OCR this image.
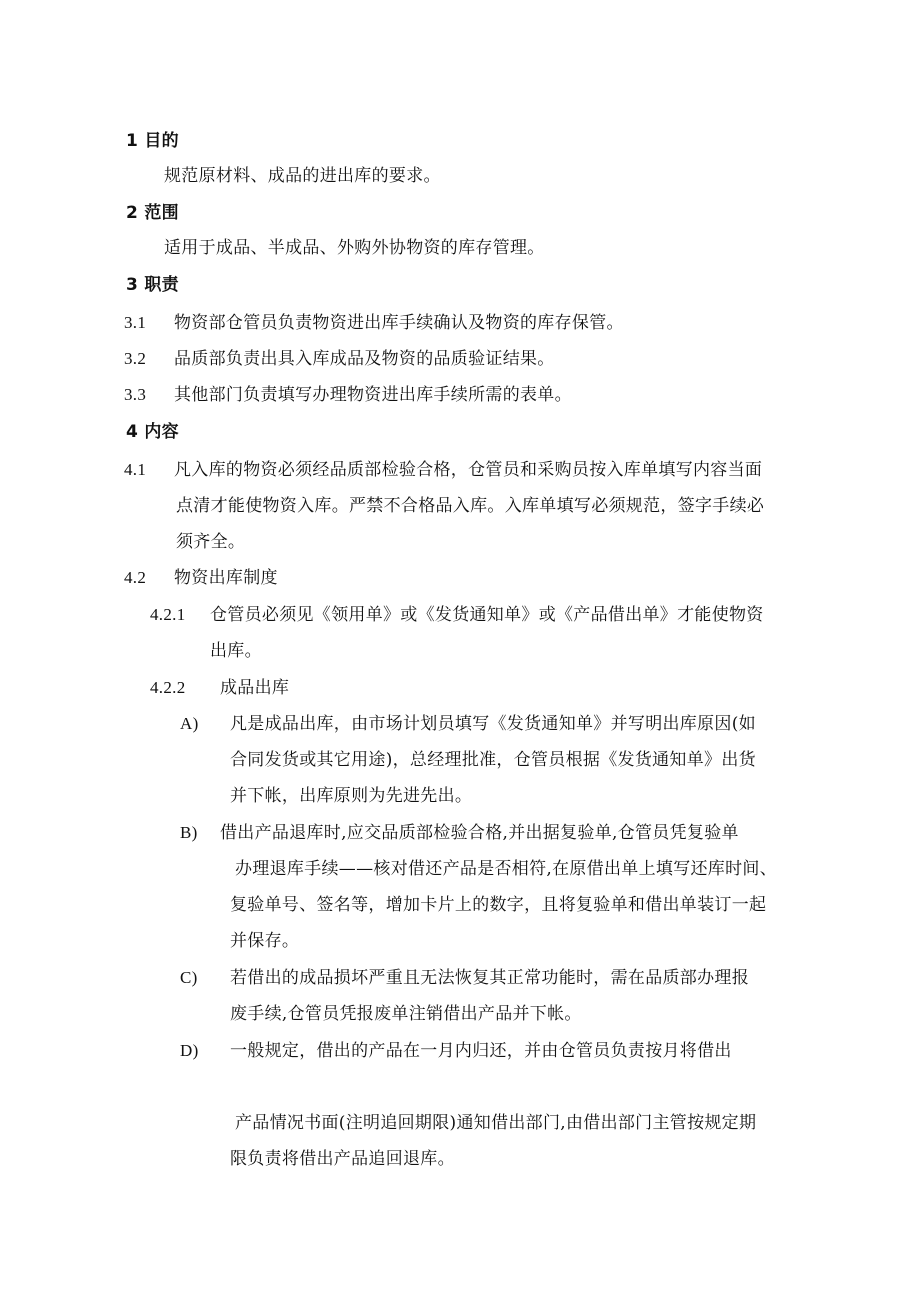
1 目的
规范原材料、成品的进出库的要求。
2 范围
适用于成品、半成品、外购外协物资的库存管理。
3 职责
3.1 物资部仓管员负责物资进出库手续确认及物资的库存保管。
3.2 品质部负责出具入库成品及物资的品质验证结果。
3.3 其他部门负责填写办理物资进出库手续所需的表单。
4 内容
4.1 凡入库的物资必须经品质部检验合格，仓管员和采购员按入库单填写内容当面
点清才能使物资入库。严禁不合格品入库。入库单填写必须规范，签字手续必
须齐全。
4.2 物资出库制度
4.2.1 仓管员必须见《领用单》或《发货通知单》或《产品借出单》才能使物资
出库。
4.2.2 成品出库
A) 凡是成品出库，由市场计划员填写《发货通知单》并写明出库原因(如
合同发货或其它用途)，总经理批准，仓管员根据《发货通知单》出货
并下帐，出库原则为先进先出。
B) 借出产品退库时,应交品质部检验合格,并出据复验单,仓管员凭复验单
办理退库手续——核对借还产品是否相符,在原借出单上填写还库时间、
复验单号、签名等，增加卡片上的数字，且将复验单和借出单装订一起
并保存。
C) 若借出的成品损坏严重且无法恢复其正常功能时，需在品质部办理报
废手续,仓管员凭报废单注销借出产品并下帐。
D) 一般规定，借出的产品在一月内归还，并由仓管员负责按月将借出
产品情况书面(注明追回期限)通知借出部门,由借出部门主管按规定期
限负责将借出产品追回退库。
